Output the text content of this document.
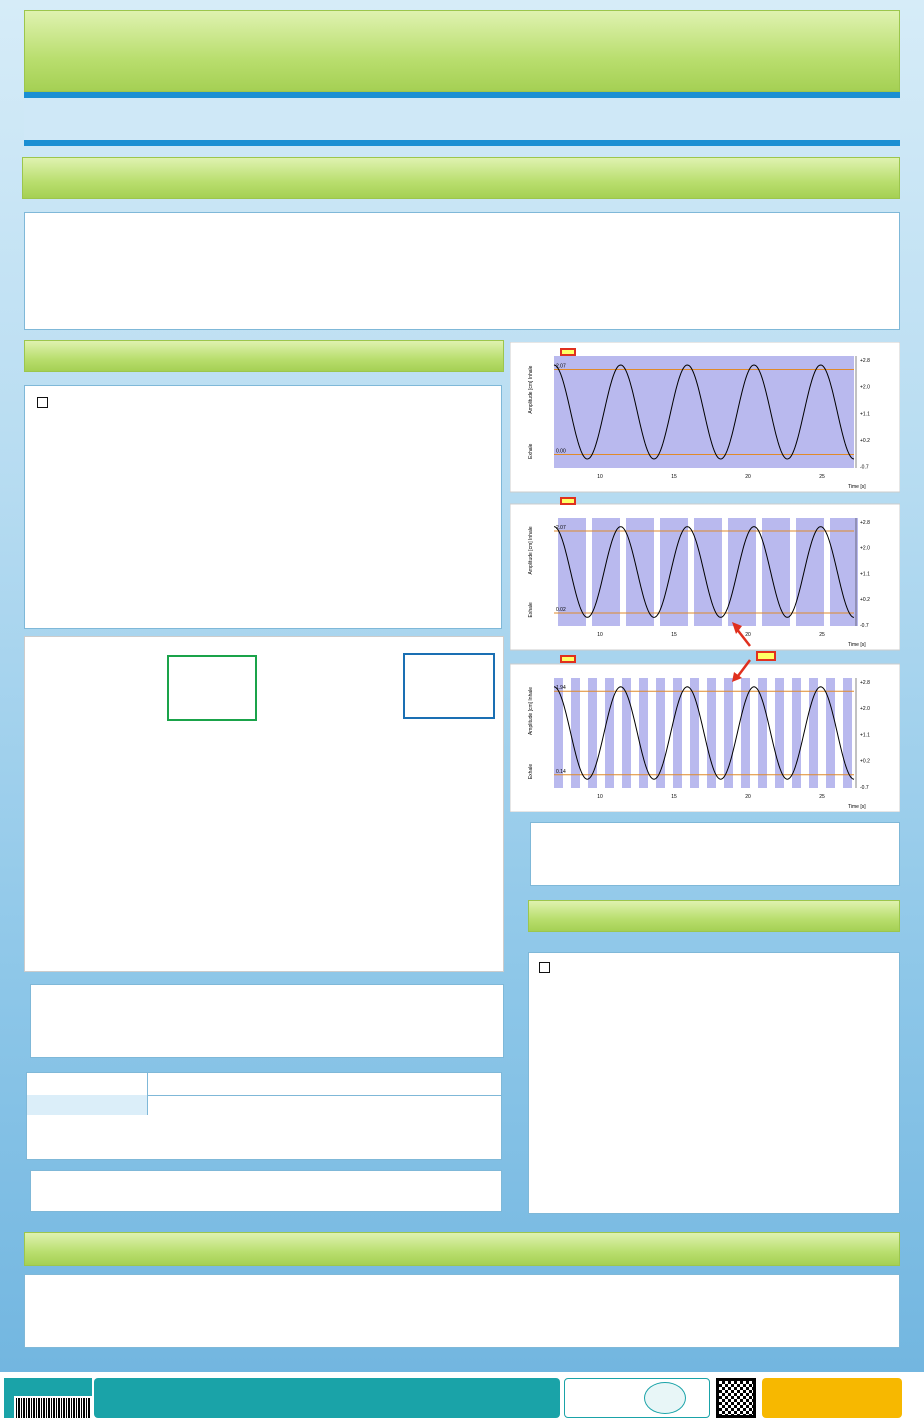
+2.8
+2.0
+1.1
+0.2
-0.7
10	15	20	25
Time [s]
Amplitude [cm] Inhale
Exhale
2.07
0.00
+2.8
+2.0
+1.1
+0.2
-0.7
10	15	20	25
Time [s]
Amplitude [cm] Inhale
Exhale
2.07
0.02
+2.8
+2.0
+1.1
+0.2
-0.7
10	15	20	25
Time [s]
Amplitude [cm] Inhale
Exhale
1.94
0.14
